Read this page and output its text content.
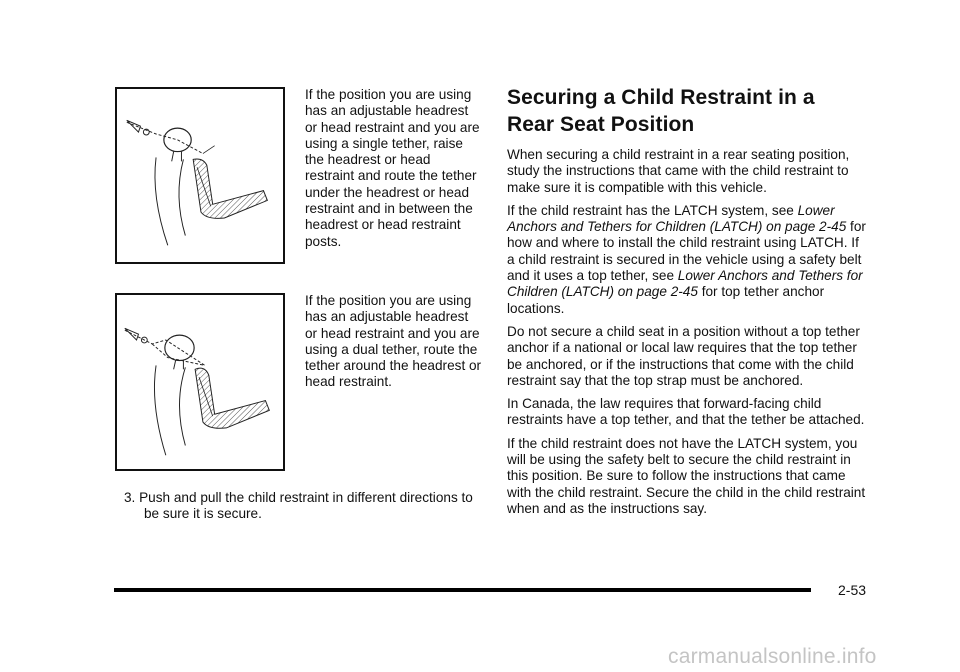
If the position you are using has an adjustable headrest or head restraint and you are using a single tether, raise the headrest or head restraint and route the tether under the headrest or head restraint and in between the headrest or head restraint posts.

If the position you are using has an adjustable headrest or head restraint and you are using a dual tether, route the tether around the headrest or head restraint.

3. Push and pull the child restraint in different directions to be sure it is secure.

Securing a Child Restraint in a Rear Seat Position

When securing a child restraint in a rear seating position, study the instructions that came with the child restraint to make sure it is compatible with this vehicle.

If the child restraint has the LATCH system, see Lower Anchors and Tethers for Children (LATCH) on page 2-45 for how and where to install the child restraint using LATCH. If a child restraint is secured in the vehicle using a safety belt and it uses a top tether, see Lower Anchors and Tethers for Children (LATCH) on page 2-45 for top tether anchor locations.

Do not secure a child seat in a position without a top tether anchor if a national or local law requires that the top tether be anchored, or if the instructions that come with the child restraint say that the top strap must be anchored.

In Canada, the law requires that forward-facing child restraints have a top tether, and that the tether be attached.

If the child restraint does not have the LATCH system, you will be using the safety belt to secure the child restraint in this position. Be sure to follow the instructions that came with the child restraint. Secure the child in the child restraint when and as the instructions say.

2-53
carmanualsonline.info
